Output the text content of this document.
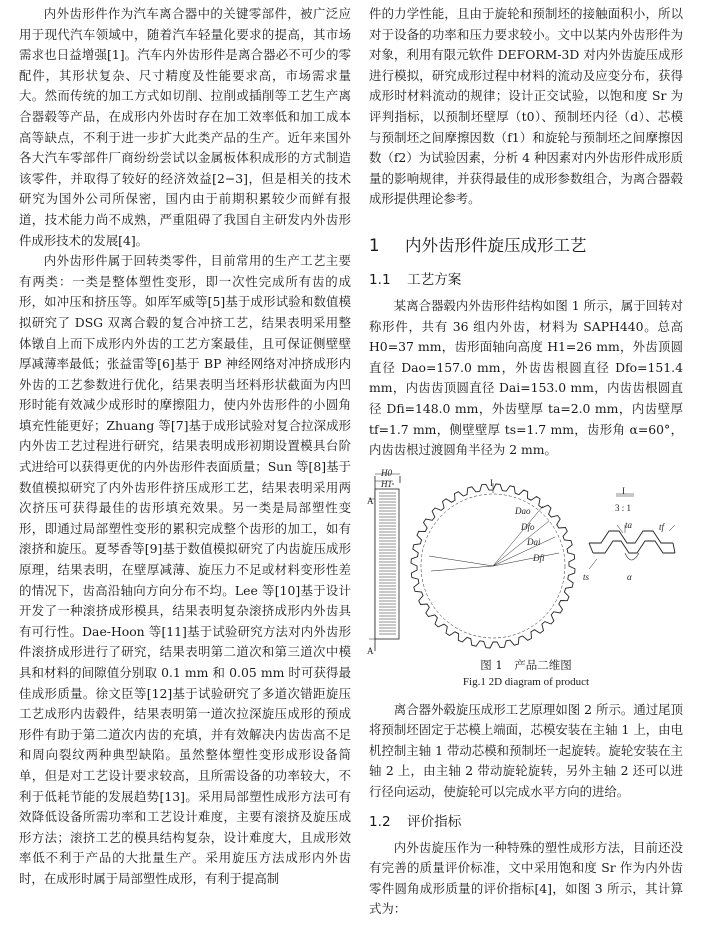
内外齿形件作为汽车离合器中的关键零部件，被广泛应用于现代汽车领域中，随着汽车轻量化要求的提高，其市场需求也日益增强[1]。汽车内外齿形件是离合器必不可少的零配件，其形状复杂、尺寸精度及性能要求高，市场需求量大。然而传统的加工方式如切削、拉削或插削等工艺生产离合器毂等产品，在成形内外齿时存在加工效率低和加工成本高等缺点，不利于进一步扩大此类产品的生产。近年来国外各大汽车零部件厂商纷纷尝试以金属板体积成形的方式制造该零件，并取得了较好的经济效益[2−3]，但是相关的技术研究为国外公司所保密，国内由于前期积累较少而鲜有报道，技术能力尚不成熟，严重阻碍了我国自主研发内外齿形件成形技术的发展[4]。

内外齿形件属于回转类零件，目前常用的生产工艺主要有两类：一类是整体塑性变形，即一次性完成所有齿的成形，如冲压和挤压等。如厍军威等[5]基于成形试验和数值模拟研究了 DSG 双离合毂的复合冲挤工艺，结果表明采用整体镦自上而下成形内外齿的工艺方案最佳，且可保证侧壁壁厚减薄率最低；张益雷等[6]基于 BP 神经网络对冲挤成形内外齿的工艺参数进行优化，结果表明当坯料形状截面为内凹形时能有效减少成形时的摩擦阻力，使内外齿形件的小圆角填充性能更好；Zhuang 等[7]基于成形试验对复合拉深成形内外齿工艺过程进行研究，结果表明成形初期设置模具台阶式进给可以获得更优的内外齿形件表面质量；Sun 等[8]基于数值模拟研究了内外齿形件挤压成形工艺，结果表明采用两次挤压可获得最佳的齿形填充效果。另一类是局部塑性变形，即通过局部塑性变形的累积完成整个齿形的加工，如有滚挤和旋压。夏琴香等[9]基于数值模拟研究了内齿旋压成形原理，结果表明，在壁厚减薄、旋压力不足或材料变形性差的情况下，齿高沿轴向方向分布不均。Lee 等[10]基于设计开发了一种滚挤成形模具，结果表明复杂滚挤成形内外齿具有可行性。Dae-Hoon 等[11]基于试验研究方法对内外齿形件滚挤成形进行了研究，结果表明第二道次和第三道次中模具和材料的间隙值分别取 0.1 mm 和 0.05 mm 时可获得最佳成形质量。徐文臣等[12]基于试验研究了多道次错距旋压工艺成形内齿毂件，结果表明第一道次拉深旋压成形的预成形件有助于第二道次内齿的充填，并有效解决内齿齿高不足和周向裂纹两种典型缺陷。虽然整体塑性变形成形设备简单，但是对工艺设计要求较高，且所需设备的功率较大，不利于低耗节能的发展趋势[13]。采用局部塑性成形方法可有效降低设备所需功率和工艺设计难度，主要有滚挤及旋压成形方法；滚挤工艺的模具结构复杂，设计难度大，且成形效率低不利于产品的大批量生产。采用旋压方法成形内外齿时，在成形时属于局部塑性成形，有利于提高制

件的力学性能，且由于旋轮和预制坯的接触面积小，所以对于设备的功率和压力要求较小。文中以某内外齿形件为对象，利用有限元软件 DEFORM-3D 对内外齿旋压成形进行模拟，研究成形过程中材料的流动及应变分布，获得成形时材料流动的规律；设计正交试验，以饱和度 Sr 为评判指标，以预制坯壁厚（t0）、预制坯内径（d）、芯模与预制坯之间摩擦因数（f1）和旋轮与预制坯之间摩擦因数（f2）为试验因素，分析 4 种因素对内外齿形件成形质量的影响规律，并获得最佳的成形参数组合，为离合器毂成形提供理论参考。

1 内外齿形件旋压成形工艺
1.1 工艺方案

某离合器毂内外齿形件结构如图 1 所示，属于回转对称形件，共有 36 组内外齿，材料为 SAPH440。总高 H0=37 mm，齿形面轴向高度 H1=26 mm，外齿顶圆直径 Dao=157.0 mm，外齿齿根圆直径 Dfo=151.4 mm，内齿齿顶圆直径 Dai=153.0 mm，内齿齿根圆直径 Dfi=148.0 mm，外齿壁厚 ta=2.0 mm，内齿壁厚 tf=1.7 mm，侧壁壁厚 ts=1.7 mm，齿形角 α=60°，内齿齿根过渡圆角半径为 2 mm。

H0
H1
A
A
I
I
3 : 1
Dao
Dfo
Dai
Dfi
ta	tf
ts	α
图 1　产品二维图
Fig.1 2D diagram of product

离合器外毂旋压成形工艺原理如图 2 所示。通过尾顶将预制坯固定于芯模上端面，芯模安装在主轴 1 上，由电机控制主轴 1 带动芯模和预制坯一起旋转。旋轮安装在主轴 2 上，由主轴 2 带动旋轮旋转，另外主轴 2 还可以进行径向运动，使旋轮可以完成水平方向的进给。

1.2 评价指标

内外齿旋压作为一种特殊的塑性成形方法，目前还没有完善的质量评价标准，文中采用饱和度 Sr 作为内外齿零件圆角成形质量的评价指标[4]，如图 3 所示，其计算式为：
